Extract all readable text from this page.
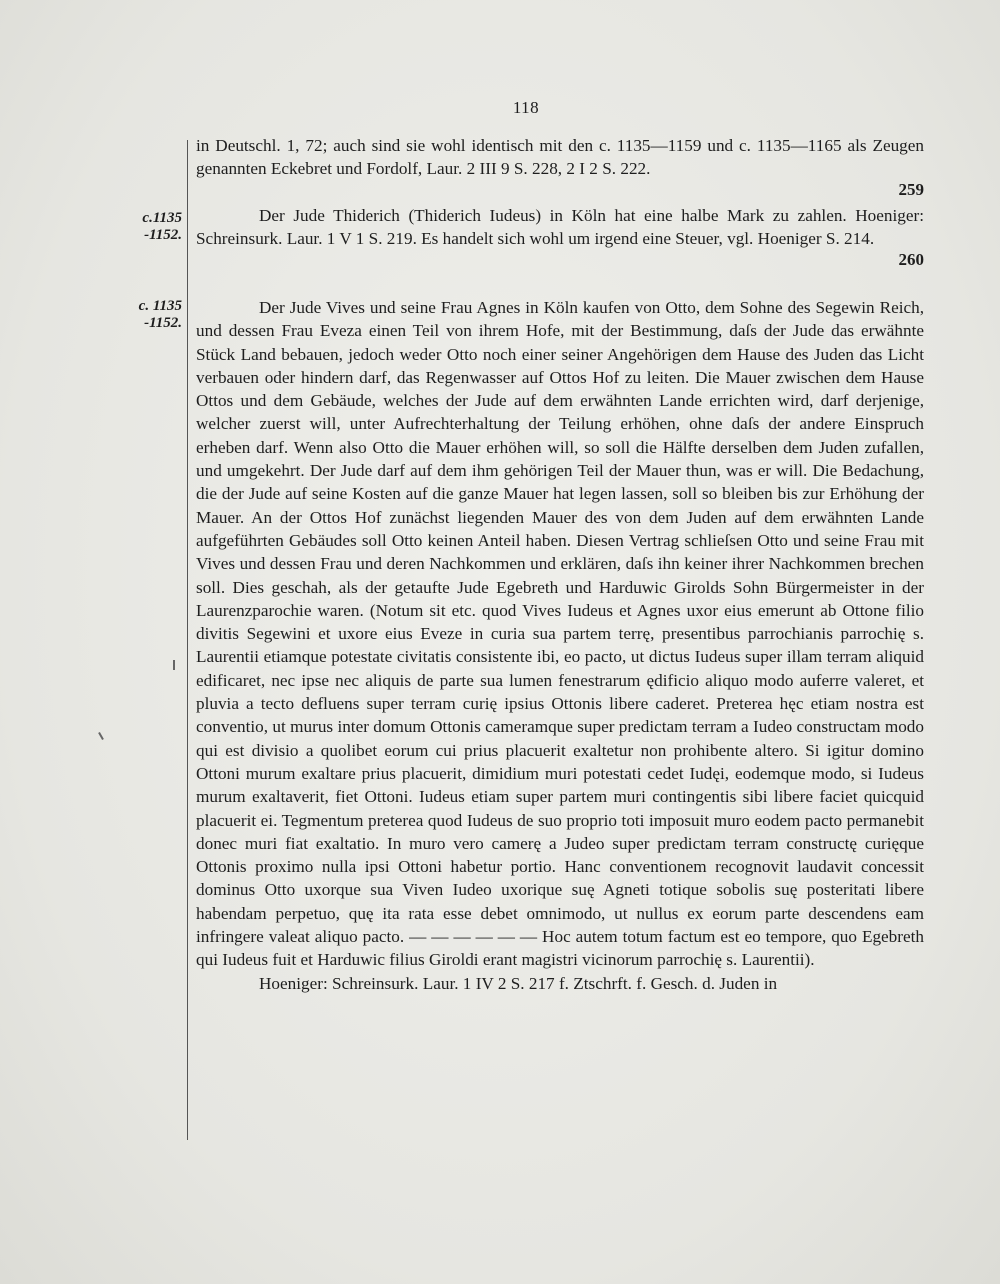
118

in Deutschl. 1, 72; auch sind sie wohl identisch mit den c. 1135—1159 und c. 1135—1165 als Zeugen genannten Eckebret und Fordolf, Laur. 2 III 9 S. 228, 2 I 2 S. 222.

259
c.1135
-1152.

Der Jude Thiderich (Thiderich Iudeus) in Köln hat eine halbe Mark zu zahlen. Hoeniger: Schreinsurk. Laur. 1 V 1 S. 219. Es handelt sich wohl um irgend eine Steuer, vgl. Hoeniger S. 214.

260
c. 1135
-1152.

Der Jude Vives und seine Frau Agnes in Köln kaufen von Otto, dem Sohne des Segewin Reich, und dessen Frau Eveza einen Teil von ihrem Hofe, mit der Bestimmung, daſs der Jude das erwähnte Stück Land bebauen, jedoch weder Otto noch einer seiner Angehörigen dem Hause des Juden das Licht verbauen oder hindern darf, das Regenwasser auf Ottos Hof zu leiten. Die Mauer zwischen dem Hause Ottos und dem Gebäude, welches der Jude auf dem erwähnten Lande errichten wird, darf derjenige, welcher zuerst will, unter Aufrechterhaltung der Teilung erhöhen, ohne daſs der andere Einspruch erheben darf. Wenn also Otto die Mauer erhöhen will, so soll die Hälfte derselben dem Juden zufallen, und umgekehrt. Der Jude darf auf dem ihm gehörigen Teil der Mauer thun, was er will. Die Bedachung, die der Jude auf seine Kosten auf die ganze Mauer hat legen lassen, soll so bleiben bis zur Erhöhung der Mauer. An der Ottos Hof zunächst liegenden Mauer des von dem Juden auf dem erwähnten Lande aufgeführten Gebäudes soll Otto keinen Anteil haben. Diesen Vertrag schlieſsen Otto und seine Frau mit Vives und dessen Frau und deren Nachkommen und erklären, daſs ihn keiner ihrer Nachkommen brechen soll. Dies geschah, als der getaufte Jude Egebreth und Harduwic Girolds Sohn Bürgermeister in der Laurenzparochie waren. (Notum sit etc. quod Vives Iudeus et Agnes uxor eius emerunt ab Ottone filio divitis Segewini et uxore eius Eveze in curia sua partem terrę, presentibus parrochianis parrochię s. Laurentii etiamque potestate civitatis consistente ibi, eo pacto, ut dictus Iudeus super illam terram aliquid edificaret, nec ipse nec aliquis de parte sua lumen fenestrarum ędificio aliquo modo auferre valeret, et pluvia a tecto defluens super terram curię ipsius Ottonis libere caderet. Preterea hęc etiam nostra est conventio, ut murus inter domum Ottonis cameramque super predictam terram a Iudeo constructam modo qui est divisio a quolibet eorum cui prius placuerit exaltetur non prohibente altero. Si igitur domino Ottoni murum exaltare prius placuerit, dimidium muri potestati cedet Iudęi, eodemque modo, si Iudeus murum exaltaverit, fiet Ottoni. Iudeus etiam super partem muri contingentis sibi libere faciet quicquid placuerit ei. Tegmentum preterea quod Iudeus de suo proprio toti imposuit muro eodem pacto permanebit donec muri fiat exaltatio. In muro vero camerę a Judeo super predictam terram constructę curięque Ottonis proximo nulla ipsi Ottoni habetur portio. Hanc conventionem recognovit laudavit concessit dominus Otto uxorque sua Viven Iudeo uxorique suę Agneti totique sobolis suę posteritati libere habendam perpetuo, quę ita rata esse debet omnimodo, ut nullus ex eorum parte descendens eam infringere valeat aliquo pacto. — — — — — — Hoc autem totum factum est eo tempore, quo Egebreth qui Iudeus fuit et Harduwic filius Giroldi erant magistri vicinorum parrochię s. Laurentii).

Hoeniger: Schreinsurk. Laur. 1 IV 2 S. 217 f. Ztschrft. f. Gesch. d. Juden in
